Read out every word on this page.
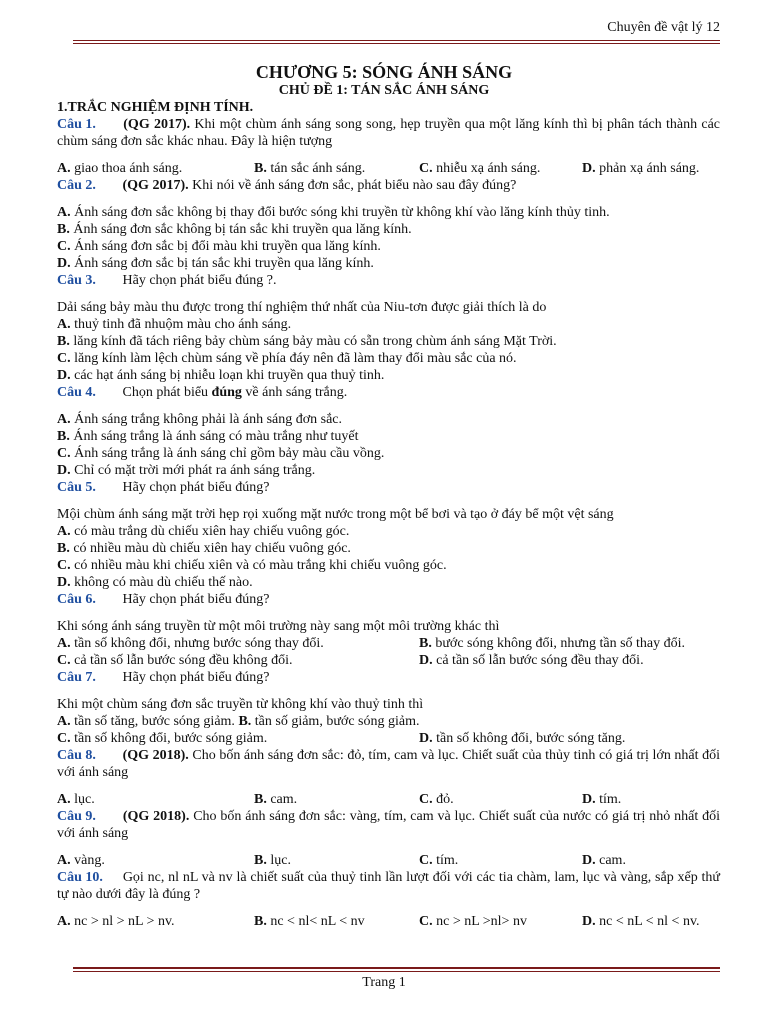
Chuyên đề vật lý 12
CHƯƠNG 5: SÓNG ÁNH SÁNG
CHỦ ĐỀ 1: TÁN SẮC ÁNH SÁNG
1.TRẮC NGHIỆM ĐỊNH TÍNH.

Câu 1. (QG 2017). Khi một chùm ánh sáng song song, hẹp truyền qua một lăng kính thì bị phân tách thành các chùm sáng đơn sắc khác nhau. Đây là hiện tượng

A. giao thoa ánh sáng.	B. tán sắc ánh sáng.	C. nhiễu xạ ánh sáng.	D. phản xạ ánh sáng.

Câu 2. (QG 2017). Khi nói về ánh sáng đơn sắc, phát biểu nào sau đây đúng?

A. Ánh sáng đơn sắc không bị thay đổi bước sóng khi truyền từ không khí vào lăng kính thủy tinh.

B. Ánh sáng đơn sắc không bị tán sắc khi truyền qua lăng kính.

C. Ánh sáng đơn sắc bị đổi màu khi truyền qua lăng kính.

D. Ánh sáng đơn sắc bị tán sắc khi truyền qua lăng kính.

Câu 3. Hãy chọn phát biểu đúng ?.

Dải sáng bảy màu thu được trong thí nghiệm thứ nhất của Niu-tơn được giải thích là do

A. thuỷ tinh đã nhuộm màu cho ánh sáng.

B. lăng kính đã tách riêng bảy chùm sáng bảy màu có sẵn trong chùm ánh sáng Mặt Trời.

C. lăng kính làm lệch chùm sáng về phía đáy nên đã làm thay đổi màu sắc của nó.

D. các hạt ánh sáng bị nhiễu loạn khi truyền qua thuỷ tinh.

Câu 4. Chọn phát biểu đúng về ánh sáng trắng.

A. Ánh sáng trắng không phải là ánh sáng đơn sắc.

B. Ánh sáng trắng là ánh sáng có màu trắng như tuyết

C. Ánh sáng trắng là ánh sáng chỉ gồm bảy màu cầu vồng.

D. Chỉ có mặt trời mới phát ra ánh sáng trắng.

Câu 5. Hãy chọn phát biểu đúng?

Mội chùm ánh sáng mặt trời hẹp rọi xuống mặt nước trong một bể bơi và tạo ở đáy bể một vệt sáng

A. có màu trắng dù chiếu xiên hay chiếu vuông góc.

B. có nhiều màu dù chiếu xiên hay chiếu vuông góc.

C. có nhiều màu khi chiếu xiên và có màu trắng khi chiếu vuông góc.

D. không có màu dù chiếu thế nào.

Câu 6. Hãy chọn phát biểu đúng?

Khi sóng ánh sáng truyền từ một môi trường này sang một môi trường khác thì

A. tần số không đổi, nhưng bước sóng thay đổi.	B. bước sóng không đổi, nhưng tần số thay đổi.
C. cả tần số lẫn bước sóng đều không đổi.	D. cả tần số lẫn bước sóng đều thay đổi.

Câu 7. Hãy chọn phát biểu đúng?

Khi một chùm sáng đơn sắc truyền từ không khí vào thuỷ tinh thì

A. tần số tăng, bước sóng giảm. B. tần số giảm, bước sóng giảm.

C. tần số không đổi, bước sóng giảm.	D. tần số không đổi, bước sóng tăng.

Câu 8. (QG 2018). Cho bốn ánh sáng đơn sắc: đỏ, tím, cam và lục. Chiết suất của thủy tinh có giá trị lớn nhất đối với ánh sáng

A. lục.	B. cam.	C. đỏ.	D. tím.

Câu 9. (QG 2018). Cho bốn ánh sáng đơn sắc: vàng, tím, cam và lục. Chiết suất của nước có giá trị nhỏ nhất đối với ánh sáng

A. vàng.	B. lục.	C. tím.	D. cam.

Câu 10. Gọi nc, nl nL và nv là chiết suất của thuỷ tinh lần lượt đối với các tia chàm, lam, lục và vàng, sắp xếp thứ tự nào dưới đây là đúng ?

A. nc > nl > nL > nv.	B. nc < nl< nL < nv	C. nc > nL >nl> nv	D. nc < nL < nl < nv.
Trang 1
